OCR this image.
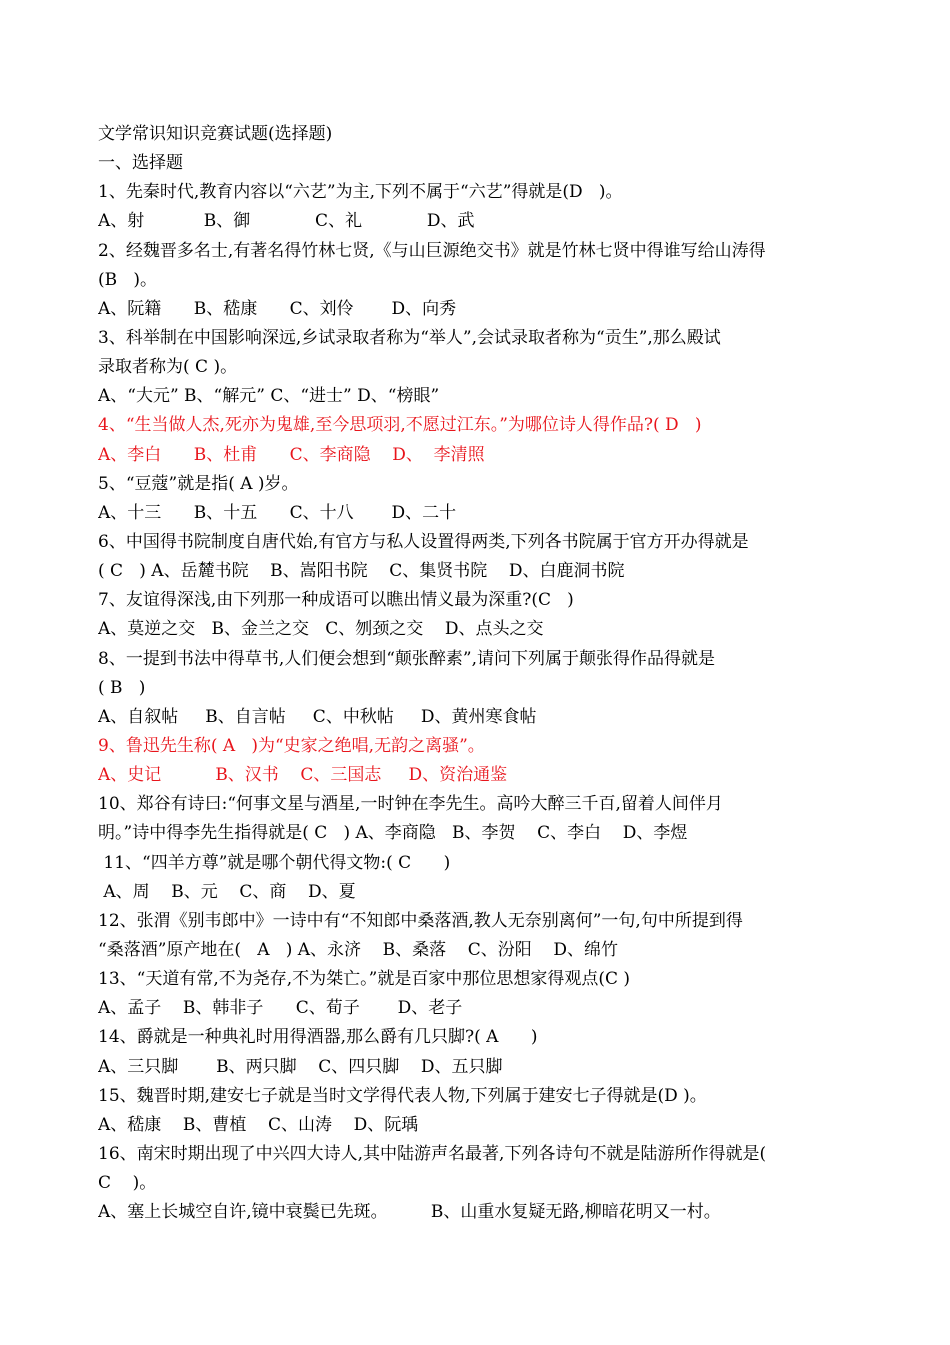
文学常识知识竞赛试题(选择题)
一、选择题
1、先秦时代,教育内容以“六艺”为主,下列不属于“六艺”得就是(D   )。
A、射           B、御            C、礼            D、武
2、经魏晋多名士,有著名得竹林七贤,《与山巨源绝交书》就是竹林七贤中得谁写给山涛得
(B   )。
A、阮籍      B、嵇康      C、刘伶       D、向秀
3、科举制在中国影响深远,乡试录取者称为“举人”,会试录取者称为“贡生”,那么殿试
录取者称为( C )。
A、“大元” B、“解元” C、“进士” D、“榜眼”
4、“生当做人杰,死亦为鬼雄,至今思项羽,不愿过江东。”为哪位诗人得作品?( D   )
A、李白      B、杜甫      C、李商隐    D、  李清照
5、“豆蔻”就是指( A )岁。
A、十三      B、十五      C、十八       D、二十
6、中国得书院制度自唐代始,有官方与私人设置得两类,下列各书院属于官方开办得就是
( C   ) A、岳麓书院    B、嵩阳书院    C、集贤书院    D、白鹿洞书院
7、友谊得深浅,由下列那一种成语可以瞧出情义最为深重?(C   )
A、莫逆之交   B、金兰之交   C、刎颈之交    D、点头之交
8、一提到书法中得草书,人们便会想到“颠张醉素”,请问下列属于颠张得作品得就是
( B   )
A、自叙帖     B、自言帖     C、中秋帖     D、黄州寒食帖
9、鲁迅先生称( A   )为“史家之绝唱,无韵之离骚”。
A、史记          B、汉书    C、三国志     D、资治通鉴
10、郑谷有诗曰:“何事文星与酒星,一时钟在李先生。高吟大醉三千百,留着人间伴月
明。”诗中得李先生指得就是( C   ) A、李商隐   B、李贺    C、李白    D、李煜
11、“四羊方尊”就是哪个朝代得文物:( C      )
A、周    B、元    C、商    D、夏
12、张渭《别韦郎中》一诗中有“不知郎中桑落酒,教人无奈别离何”一句,句中所提到得
“桑落酒”原产地在(   A   ) A、永济    B、桑落    C、汾阳    D、绵竹
13、“天道有常,不为尧存,不为桀亡。”就是百家中那位思想家得观点(C )
A、孟子    B、韩非子      C、荀子       D、老子
14、爵就是一种典礼时用得酒器,那么爵有几只脚?( A      )
A、三只脚       B、两只脚    C、四只脚    D、五只脚
15、魏晋时期,建安七子就是当时文学得代表人物,下列属于建安七子得就是(D )。
A、嵇康    B、曹植    C、山涛    D、阮瑀
16、南宋时期出现了中兴四大诗人,其中陆游声名最著,下列各诗句不就是陆游所作得就是(
C    )。
A、塞上长城空自许,镜中衰鬓已先斑。        B、山重水复疑无路,柳暗花明又一村。
